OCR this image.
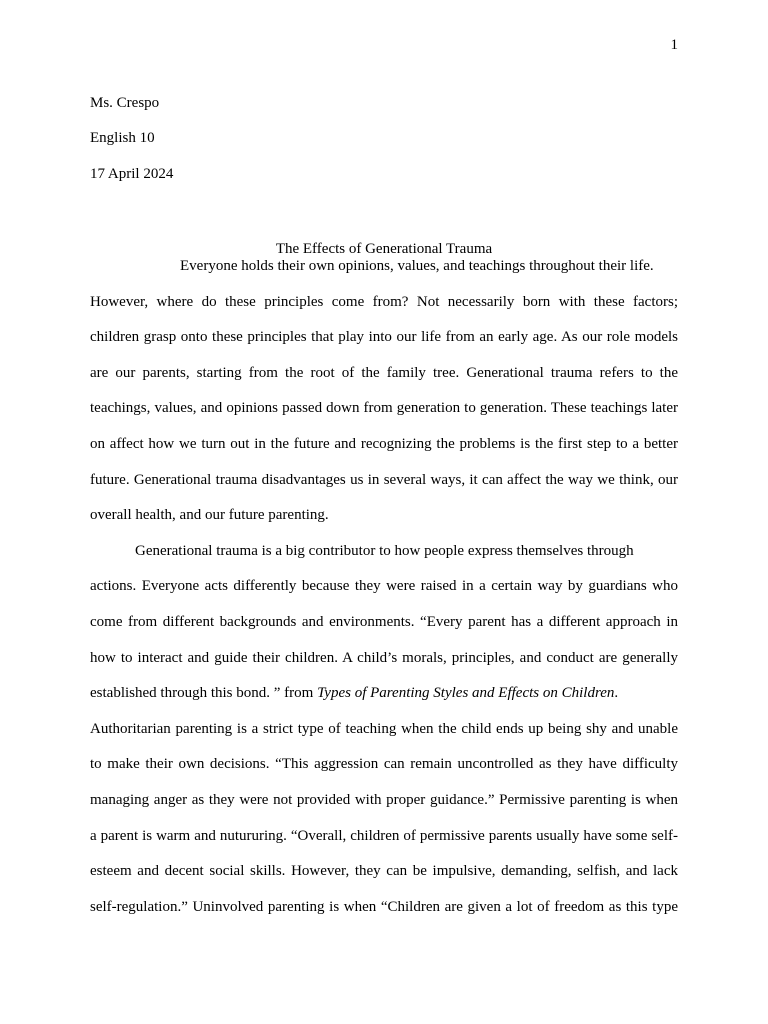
1
Ms. Crespo
English 10
17 April 2024
The Effects of Generational Trauma
Everyone holds their own opinions, values, and teachings throughout their life.
However, where do these principles come from? Not necessarily born with these factors;
children grasp onto these principles that play into our life from an early age. As our role models
are our parents, starting from the root of the family tree. Generational trauma refers to the
teachings, values, and opinions passed down from generation to generation. These teachings later
on affect how we turn out in the future and recognizing the problems is the first step to a better
future. Generational trauma disadvantages us in several ways, it can affect the way we think, our
overall health, and our future parenting.
Generational trauma is a big contributor to how people express themselves through
actions. Everyone acts differently because they were raised in a certain way by guardians who
come from different backgrounds and environments. “Every parent has a different approach in
how to interact and guide their children. A child’s morals, principles, and conduct are generally
established through this bond. ” from Types of Parenting Styles and Effects on Children.
Authoritarian parenting is a strict type of teaching when the child ends up being shy and unable
to make their own decisions. “This aggression can remain uncontrolled as they have difficulty
managing anger as they were not provided with proper guidance.” Permissive parenting is when
a parent is warm and nutururing. “Overall, children of permissive parents usually have some self-
esteem and decent social skills. However, they can be impulsive, demanding, selfish, and lack
self-regulation.” Uninvolved parenting is when “Children are given a lot of freedom as this type
